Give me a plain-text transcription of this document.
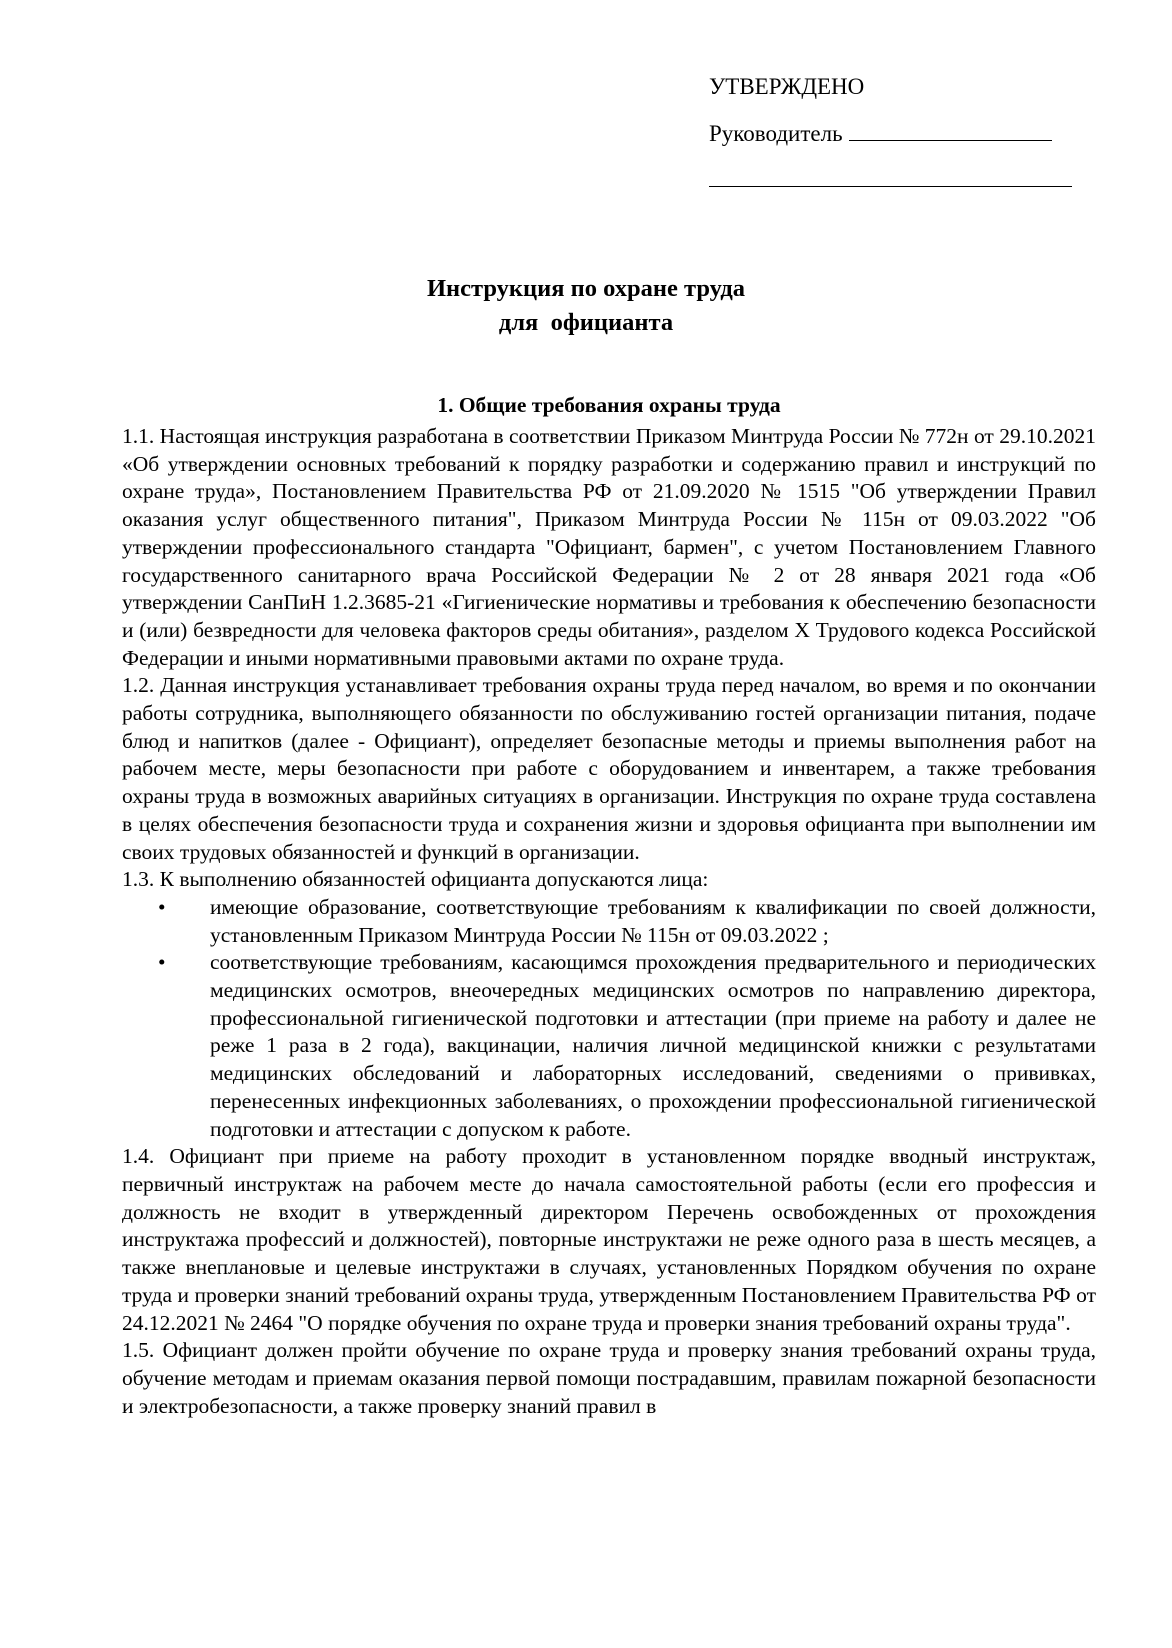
УТВЕРЖДЕНО
Руководитель
Инструкция по охране труда
для  официанта
1. Общие требования охраны труда

1.1. Настоящая инструкция разработана в соответствии Приказом Минтруда России № 772н от 29.10.2021 «Об утверждении основных требований к порядку разработки и содержанию правил и инструкций по охране труда», Постановлением Правительства РФ от 21.09.2020 № 1515 "Об утверждении Правил оказания услуг общественного питания", Приказом Минтруда России № 115н от 09.03.2022 "Об утверждении профессионального стандарта "Официант, бармен", с учетом Постановлением Главного государственного санитарного врача Российской Федерации № 2 от 28 января 2021 года «Об утверждении СанПиН 1.2.3685-21 «Гигиенические нормативы и требования к обеспечению безопасности и (или) безвредности для человека факторов среды обитания», разделом X Трудового кодекса Российской Федерации и иными нормативными правовыми актами по охране труда.

1.2. Данная инструкция устанавливает требования охраны труда перед началом, во время и по окончании работы сотрудника, выполняющего обязанности по обслуживанию гостей организации питания, подаче блюд и напитков (далее - Официант), определяет безопасные методы и приемы выполнения работ на рабочем месте, меры безопасности при работе с оборудованием и инвентарем, а также требования охраны труда в возможных аварийных ситуациях в организации. Инструкция по охране труда составлена в целях обеспечения безопасности труда и сохранения жизни и здоровья официанта при выполнении им своих трудовых обязанностей и функций в организации.

1.3. К выполнению обязанностей официанта допускаются лица:

• имеющие образование, соответствующие требованиям к квалификации по своей должности, установленным Приказом Минтруда России № 115н от 09.03.2022 ;
• соответствующие требованиям, касающимся прохождения предварительного и периодических медицинских осмотров, внеочередных медицинских осмотров по направлению директора, профессиональной гигиенической подготовки и аттестации (при приеме на работу и далее не реже 1 раза в 2 года), вакцинации, наличия личной медицинской книжки с результатами медицинских обследований и лабораторных исследований, сведениями о прививках, перенесенных инфекционных заболеваниях, о прохождении профессиональной гигиенической подготовки и аттестации с допуском к работе.

1.4. Официант при приеме на работу проходит в установленном порядке вводный инструктаж, первичный инструктаж на рабочем месте до начала самостоятельной работы (если его профессия и должность не входит в утвержденный директором Перечень освобожденных от прохождения инструктажа профессий и должностей), повторные инструктажи не реже одного раза в шесть месяцев, а также внеплановые и целевые инструктажи в случаях, установленных Порядком обучения по охране труда и проверки знаний требований охраны труда, утвержденным Постановлением Правительства РФ от 24.12.2021 № 2464 "О порядке обучения по охране труда и проверки знания требований охраны труда".

1.5. Официант должен пройти обучение по охране труда и проверку знания требований охраны труда, обучение методам и приемам оказания первой помощи пострадавшим, правилам пожарной безопасности и электробезопасности, а также проверку знаний правил в
